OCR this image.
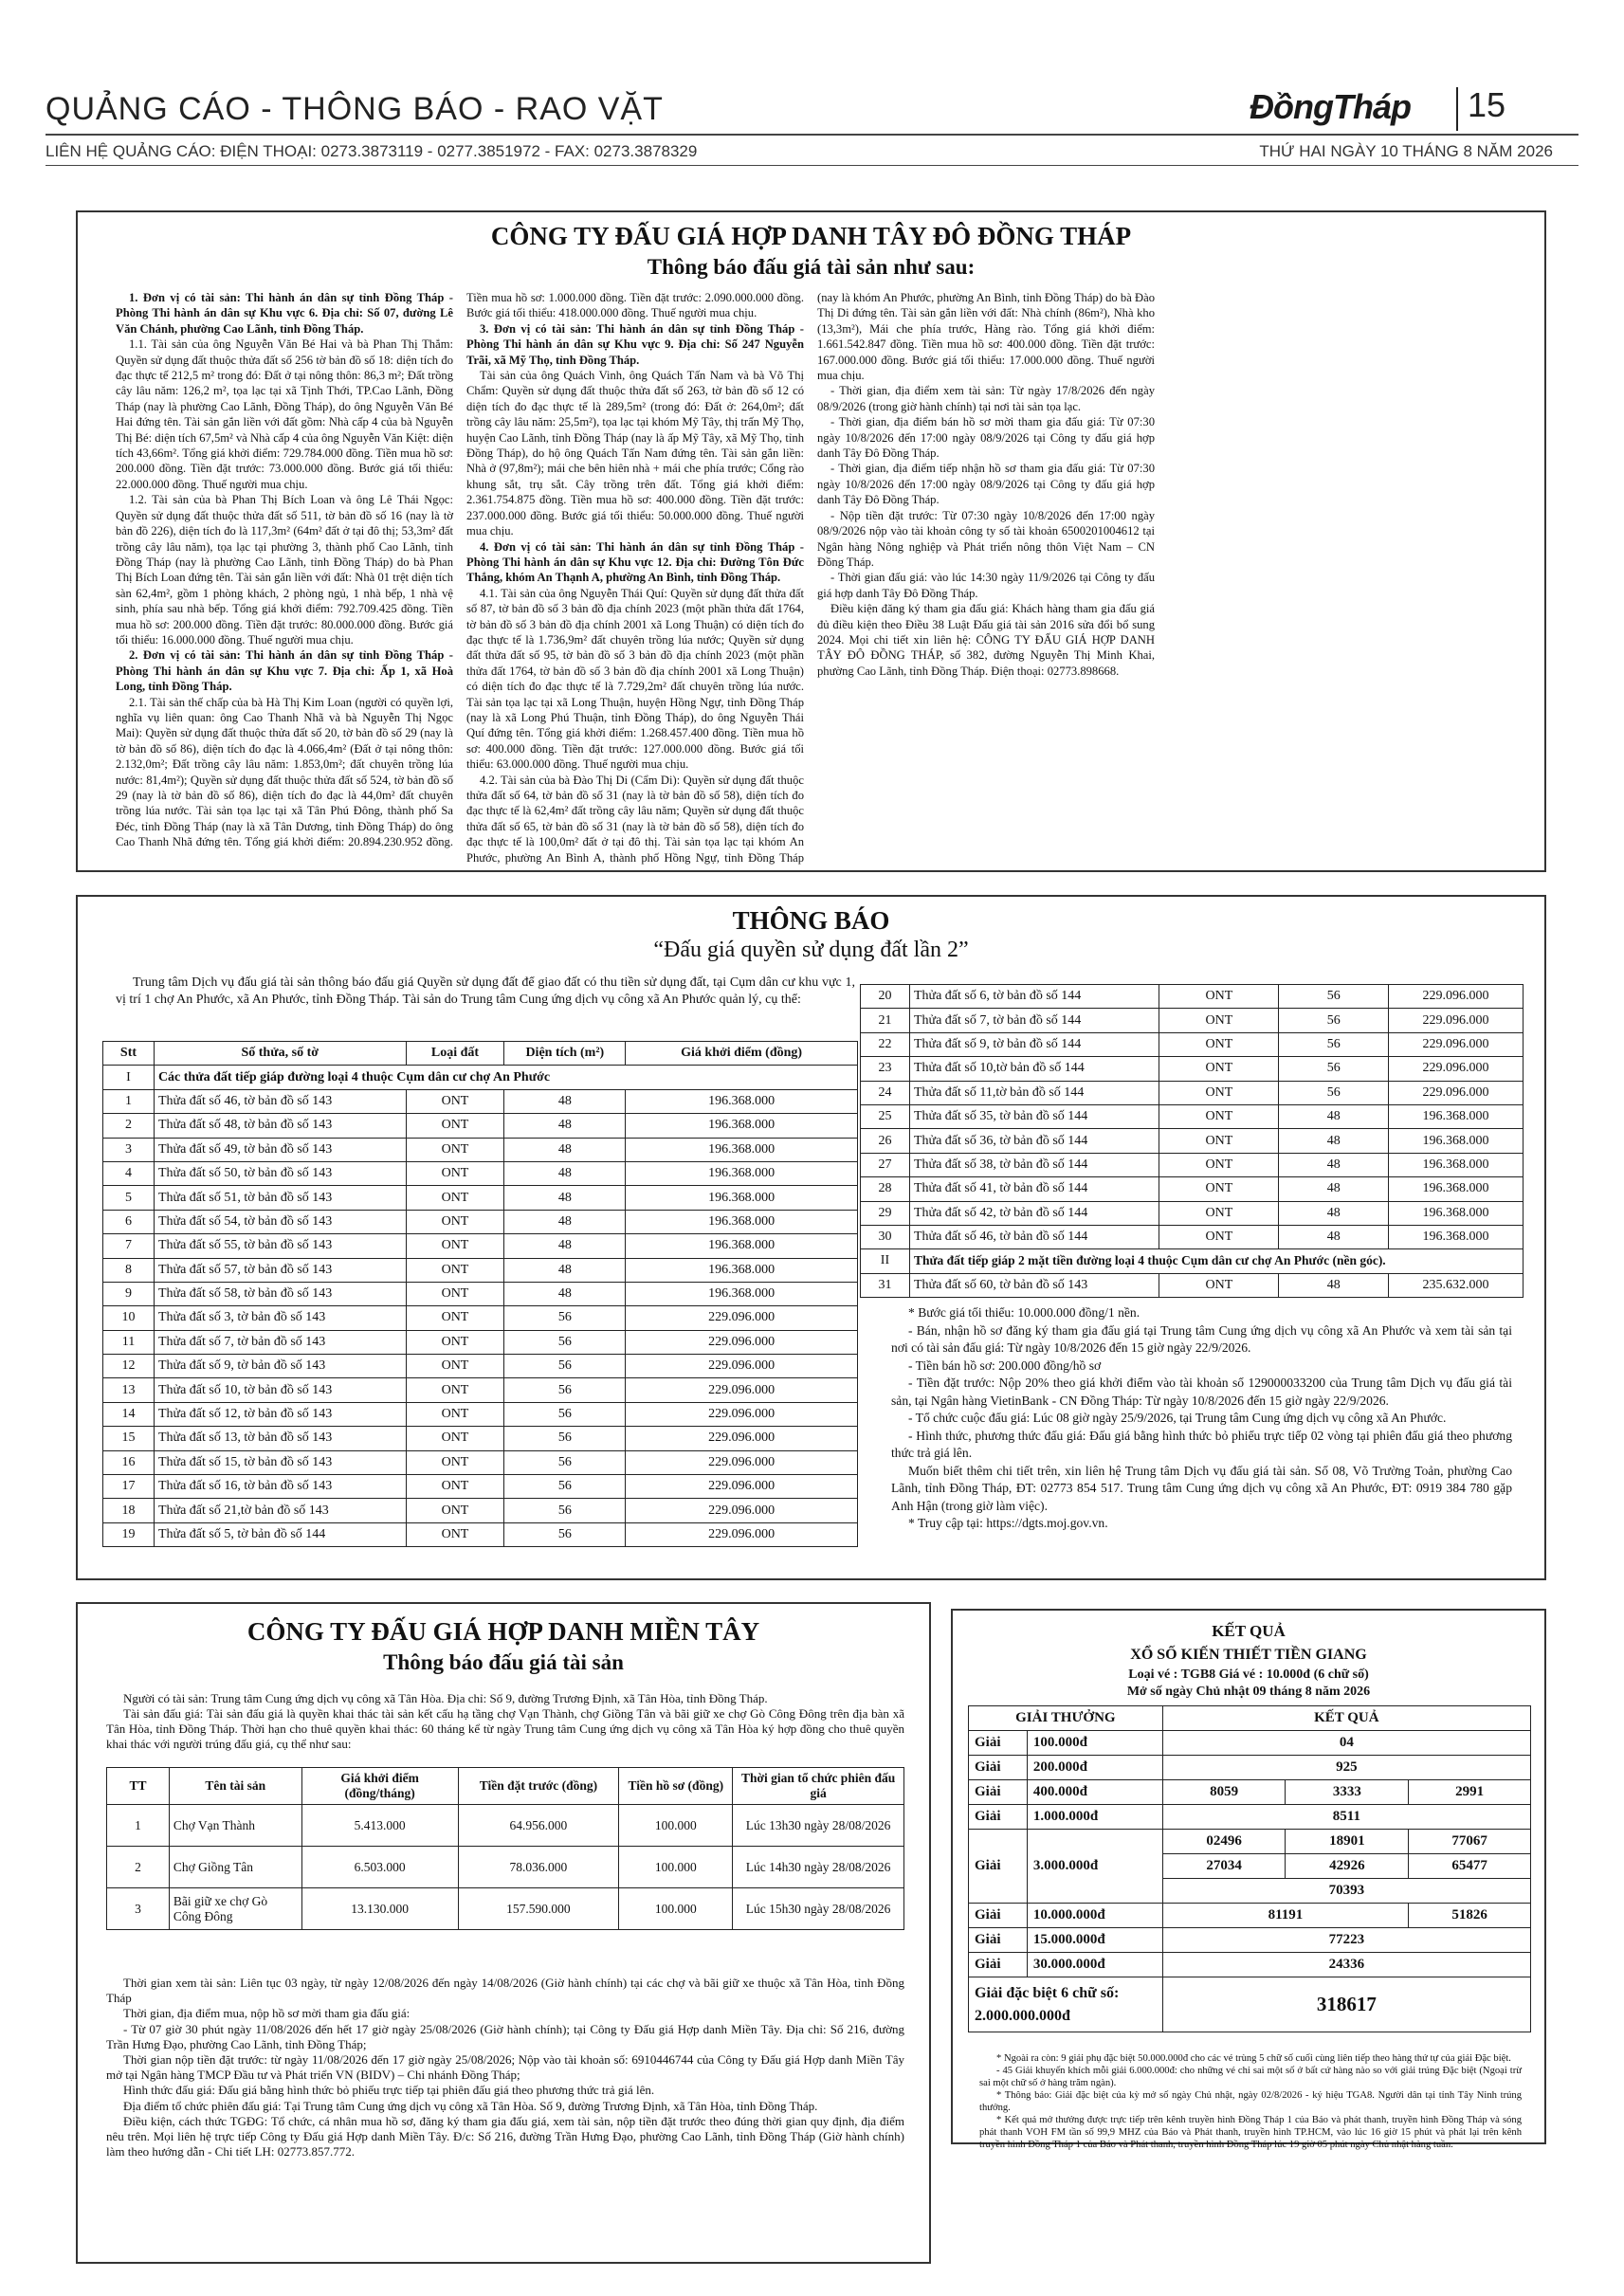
QUẢNG CÁO - THÔNG BÁO - RAO VẶT	ĐồngTháp 15
LIÊN HỆ QUẢNG CÁO: ĐIỆN THOẠI: 0273.3873119 - 0277.3851972 - FAX: 0273.3878329	THỨ HAI NGÀY 10 THÁNG 8 NĂM 2026
CÔNG TY ĐẤU GIÁ HỢP DANH TÂY ĐÔ ĐỒNG THÁP
Thông báo đấu giá tài sản như sau:

1. Đơn vị có tài sản: Thi hành án dân sự tỉnh Đồng Tháp - Phòng Thi hành án dân sự Khu vực 6. Địa chỉ: Số 07, đường Lê Văn Chánh, phường Cao Lãnh, tỉnh Đồng Tháp.

1.1. Tài sản của ông Nguyễn Văn Bé Hai và bà Phan Thị Thắm: Quyền sử dụng đất thuộc thửa đất số 256 tờ bản đồ số 18: diện tích đo đạc thực tế 212,5 m² trong đó: Đất ở tại nông thôn: 86,3 m²; Đất trồng cây lâu năm: 126,2 m², tọa lạc tại xã Tịnh Thới, TP.Cao Lãnh, Đồng Tháp (nay là phường Cao Lãnh, Đồng Tháp), do ông Nguyễn Văn Bé Hai đứng tên. Tài sản gắn liền với đất gồm: Nhà cấp 4 của bà Nguyễn Thị Bé: diện tích 67,5m² và Nhà cấp 4 của ông Nguyễn Văn Kiệt: diện tích 43,66m². Tổng giá khởi điểm: 729.784.000 đồng. Tiền mua hồ sơ: 200.000 đồng. Tiền đặt trước: 73.000.000 đồng. Bước giá tối thiểu: 22.000.000 đồng. Thuế người mua chịu.

1.2. Tài sản của bà Phan Thị Bích Loan và ông Lê Thái Ngọc: Quyền sử dụng đất thuộc thửa đất số 511, tờ bản đồ số 16 (nay là tờ bản đồ 226), diện tích đo là 117,3m² (64m² đất ở tại đô thị; 53,3m² đất trồng cây lâu năm), tọa lạc tại phường 3, thành phố Cao Lãnh, tỉnh Đồng Tháp (nay là phường Cao Lãnh, tỉnh Đồng Tháp) do bà Phan Thị Bích Loan đứng tên. Tài sản gắn liền với đất: Nhà 01 trệt diện tích sàn 62,4m², gồm 1 phòng khách, 2 phòng ngủ, 1 nhà bếp, 1 nhà vệ sinh, phía sau nhà bếp. Tổng giá khởi điểm: 792.709.425 đồng. Tiền mua hồ sơ: 200.000 đồng. Tiền đặt trước: 80.000.000 đồng. Bước giá tối thiểu: 16.000.000 đồng. Thuế người mua chịu.

2. Đơn vị có tài sản: Thi hành án dân sự tỉnh Đồng Tháp - Phòng Thi hành án dân sự Khu vực 7. Địa chỉ: Ấp 1, xã Hoà Long, tỉnh Đồng Tháp.

2.1. Tài sản thế chấp của bà Hà Thị Kim Loan (người có quyền lợi, nghĩa vụ liên quan: ông Cao Thanh Nhã và bà Nguyễn Thị Ngọc Mai): Quyền sử dụng đất thuộc thửa đất số 20, tờ bản đồ số 29 (nay là tờ bản đồ số 86), diện tích đo đạc là 4.066,4m² (Đất ở tại nông thôn: 2.132,0m²; Đất trồng cây lâu năm: 1.853,0m²; đất chuyên trồng lúa nước: 81,4m²); Quyền sử dụng đất thuộc thửa đất số 524, tờ bản đồ số 29 (nay là tờ bản đồ số 86), diện tích đo đạc là 44,0m² đất chuyên trồng lúa nước. Tài sản tọa lạc tại xã Tân Phú Đông, thành phố Sa Đéc, tỉnh Đồng Tháp (nay là xã Tân Dương, tỉnh Đồng Tháp) do ông Cao Thanh Nhã đứng tên. Tổng giá khởi điểm: 20.894.230.952 đồng. Tiền mua hồ sơ: 1.000.000 đồng. Tiền đặt trước: 2.090.000.000 đồng. Bước giá tối thiểu: 418.000.000 đồng. Thuế người mua chịu.

3. Đơn vị có tài sản: Thi hành án dân sự tỉnh Đồng Tháp - Phòng Thi hành án dân sự Khu vực 9. Địa chỉ: Số 247 Nguyễn Trãi, xã Mỹ Thọ, tỉnh Đồng Tháp.

Tài sản của ông Quách Vinh, ông Quách Tấn Nam và bà Võ Thị Chẩm: Quyền sử dụng đất thuộc thửa đất số 263, tờ bản đồ số 12 có diện tích đo đạc thực tế là 289,5m² (trong đó: Đất ở: 264,0m²; đất trồng cây lâu năm: 25,5m²), tọa lạc tại khóm Mỹ Tây, thị trấn Mỹ Thọ, huyện Cao Lãnh, tỉnh Đồng Tháp (nay là ấp Mỹ Tây, xã Mỹ Thọ, tỉnh Đồng Tháp), do hộ ông Quách Tấn Nam đứng tên. Tài sản gắn liền: Nhà ở (97,8m²); mái che bên hiên nhà + mái che phía trước; Cổng rào khung sắt, trụ sắt. Cây trồng trên đất. Tổng giá khởi điểm: 2.361.754.875 đồng. Tiền mua hồ sơ: 400.000 đồng. Tiền đặt trước: 237.000.000 đồng. Bước giá tối thiểu: 50.000.000 đồng. Thuế người mua chịu.

4. Đơn vị có tài sản: Thi hành án dân sự tỉnh Đồng Tháp - Phòng Thi hành án dân sự Khu vực 12. Địa chỉ: Đường Tôn Đức Thắng, khóm An Thạnh A, phường An Bình, tỉnh Đồng Tháp.

4.1. Tài sản của ông Nguyễn Thái Quí: Quyền sử dụng đất thửa đất số 87, tờ bản đồ số 3 bản đồ địa chính 2023 (một phần thửa đất 1764, tờ bản đồ số 3 bản đồ địa chính 2001 xã Long Thuận) có diện tích đo đạc thực tế là 1.736,9m² đất chuyên trồng lúa nước; Quyền sử dụng đất thửa đất số 95, tờ bản đồ số 3 bản đồ địa chính 2023 (một phần thửa đất 1764, tờ bản đồ số 3 bản đồ địa chính 2001 xã Long Thuận) có diện tích đo đạc thực tế là 7.729,2m² đất chuyên trồng lúa nước. Tài sản tọa lạc tại xã Long Thuận, huyện Hồng Ngự, tỉnh Đồng Tháp (nay là xã Long Phú Thuận, tỉnh Đồng Tháp), do ông Nguyễn Thái Quí đứng tên. Tổng giá khởi điểm: 1.268.457.400 đồng. Tiền mua hồ sơ: 400.000 đồng. Tiền đặt trước: 127.000.000 đồng. Bước giá tối thiểu: 63.000.000 đồng. Thuế người mua chịu.

4.2. Tài sản của bà Đào Thị Di (Cẩm Di): Quyền sử dụng đất thuộc thửa đất số 64, tờ bản đồ số 31 (nay là tờ bản đồ số 58), diện tích đo đạc thực tế là 62,4m² đất trồng cây lâu năm; Quyền sử dụng đất thuộc thửa đất số 65, tờ bản đồ số 31 (nay là tờ bản đồ số 58), diện tích đo đạc thực tế là 100,0m² đất ở tại đô thị. Tài sản tọa lạc tại khóm An Phước, phường An Bình A, thành phố Hồng Ngự, tỉnh Đồng Tháp (nay là khóm An Phước, phường An Bình, tỉnh Đồng Tháp) do bà Đào Thị Di đứng tên. Tài sản gắn liền với đất: Nhà chính (86m²), Nhà kho (13,3m²), Mái che phía trước, Hàng rào. Tổng giá khởi điểm: 1.661.542.847 đồng. Tiền mua hồ sơ: 400.000 đồng. Tiền đặt trước: 167.000.000 đồng. Bước giá tối thiểu: 17.000.000 đồng. Thuế người mua chịu.

- Thời gian, địa điểm xem tài sản: Từ ngày 17/8/2026 đến ngày 08/9/2026 (trong giờ hành chính) tại nơi tài sản tọa lạc.

- Thời gian, địa điểm bán hồ sơ mời tham gia đấu giá: Từ 07:30 ngày 10/8/2026 đến 17:00 ngày 08/9/2026 tại Công ty đấu giá hợp danh Tây Đô Đồng Tháp.

- Thời gian, địa điểm tiếp nhận hồ sơ tham gia đấu giá: Từ 07:30 ngày 10/8/2026 đến 17:00 ngày 08/9/2026 tại Công ty đấu giá hợp danh Tây Đô Đồng Tháp.

- Nộp tiền đặt trước: Từ 07:30 ngày 10/8/2026 đến 17:00 ngày 08/9/2026 nộp vào tài khoản công ty số tài khoản 6500201004612 tại Ngân hàng Nông nghiệp và Phát triển nông thôn Việt Nam – CN Đồng Tháp.

- Thời gian đấu giá: vào lúc 14:30 ngày 11/9/2026 tại Công ty đấu giá hợp danh Tây Đô Đồng Tháp.

Điều kiện đăng ký tham gia đấu giá: Khách hàng tham gia đấu giá đủ điều kiện theo Điều 38 Luật Đấu giá tài sản 2016 sửa đổi bổ sung 2024. Mọi chi tiết xin liên hệ: CÔNG TY ĐẤU GIÁ HỢP DANH TÂY ĐÔ ĐỒNG THÁP, số 382, đường Nguyễn Thị Minh Khai, phường Cao Lãnh, tỉnh Đồng Tháp. Điện thoại: 02773.898668.

THÔNG BÁO
“Đấu giá quyền sử dụng đất lần 2”

Trung tâm Dịch vụ đấu giá tài sản thông báo đấu giá Quyền sử dụng đất để giao đất có thu tiền sử dụng đất, tại Cụm dân cư khu vực 1, vị trí 1 chợ An Phước, xã An Phước, tỉnh Đồng Tháp. Tài sản do Trung tâm Cung ứng dịch vụ công xã An Phước quản lý, cụ thể:

Stt	Số thửa, số tờ	Loại đất	Diện tích (m²)	Giá khởi điểm (đồng)
I	Các thửa đất tiếp giáp đường loại 4 thuộc Cụm dân cư chợ An Phước			
1	Thửa đất số 46, tờ bản đồ số 143	ONT	48	196.368.000
2	Thửa đất số 48, tờ bản đồ số 143	ONT	48	196.368.000
3	Thửa đất số 49, tờ bản đồ số 143	ONT	48	196.368.000
4	Thửa đất số 50, tờ bản đồ số 143	ONT	48	196.368.000
5	Thửa đất số 51, tờ bản đồ số 143	ONT	48	196.368.000
6	Thửa đất số 54, tờ bản đồ số 143	ONT	48	196.368.000
7	Thửa đất số 55, tờ bản đồ số 143	ONT	48	196.368.000
8	Thửa đất số 57, tờ bản đồ số 143	ONT	48	196.368.000
9	Thửa đất số 58, tờ bản đồ số 143	ONT	48	196.368.000
10	Thửa đất số 3, tờ bản đồ số 143	ONT	56	229.096.000
11	Thửa đất số 7, tờ bản đồ số 143	ONT	56	229.096.000
12	Thửa đất số 9, tờ bản đồ số 143	ONT	56	229.096.000
13	Thửa đất số 10, tờ bản đồ số 143	ONT	56	229.096.000
14	Thửa đất số 12, tờ bản đồ số 143	ONT	56	229.096.000
15	Thửa đất số 13, tờ bản đồ số 143	ONT	56	229.096.000
16	Thửa đất số 15, tờ bản đồ số 143	ONT	56	229.096.000
17	Thửa đất số 16, tờ bản đồ số 143	ONT	56	229.096.000
18	Thửa đất số 21,tờ bản đồ số 143	ONT	56	229.096.000
19	Thửa đất số 5, tờ bản đồ số 144	ONT	56	229.096.000
20	Thửa đất số 6, tờ bản đồ số 144	ONT	56	229.096.000
21	Thửa đất số 7, tờ bản đồ số 144	ONT	56	229.096.000
22	Thửa đất số 9, tờ bản đồ số 144	ONT	56	229.096.000
23	Thửa đất số 10,tờ bản đồ số 144	ONT	56	229.096.000
24	Thửa đất số 11,tờ bản đồ số 144	ONT	56	229.096.000
25	Thửa đất số 35, tờ bản đồ số 144	ONT	48	196.368.000
26	Thửa đất số 36, tờ bản đồ số 144	ONT	48	196.368.000
27	Thửa đất số 38, tờ bản đồ số 144	ONT	48	196.368.000
28	Thửa đất số 41, tờ bản đồ số 144	ONT	48	196.368.000
29	Thửa đất số 42, tờ bản đồ số 144	ONT	48	196.368.000
30	Thửa đất số 46, tờ bản đồ số 144	ONT	48	196.368.000
II	Thửa đất tiếp giáp 2 mặt tiền đường loại 4 thuộc Cụm dân cư chợ An Phước (nền góc).			
31	Thửa đất số 60, tờ bản đồ số 143	ONT	48	235.632.000

* Bước giá tối thiểu: 10.000.000 đồng/1 nền.

- Bán, nhận hồ sơ đăng ký tham gia đấu giá tại Trung tâm Cung ứng dịch vụ công xã An Phước và xem tài sản tại nơi có tài sản đấu giá: Từ ngày 10/8/2026 đến 15 giờ ngày 22/9/2026.

- Tiền bán hồ sơ: 200.000 đồng/hồ sơ

- Tiền đặt trước: Nộp 20% theo giá khởi điểm vào tài khoản số 129000033200 của Trung tâm Dịch vụ đấu giá tài sản, tại Ngân hàng VietinBank - CN Đồng Tháp: Từ ngày 10/8/2026 đến 15 giờ ngày 22/9/2026.

- Tổ chức cuộc đấu giá: Lúc 08 giờ ngày 25/9/2026, tại Trung tâm Cung ứng dịch vụ công xã An Phước.

- Hình thức, phương thức đấu giá: Đấu giá bằng hình thức bỏ phiếu trực tiếp 02 vòng tại phiên đấu giá theo phương thức trả giá lên.

Muốn biết thêm chi tiết trên, xin liên hệ Trung tâm Dịch vụ đấu giá tài sản. Số 08, Võ Trường Toản, phường Cao Lãnh, tỉnh Đồng Tháp, ĐT: 02773 854 517. Trung tâm Cung ứng dịch vụ công xã An Phước, ĐT: 0919 384 780 gặp Anh Hận (trong giờ làm việc).

* Truy cập tại: https://dgts.moj.gov.vn.

CÔNG TY ĐẤU GIÁ HỢP DANH MIỀN TÂY
Thông báo đấu giá tài sản

Người có tài sản: Trung tâm Cung ứng dịch vụ công xã Tân Hòa. Địa chỉ: Số 9, đường Trương Định, xã Tân Hòa, tỉnh Đồng Tháp.

Tài sản đấu giá: Tài sản đấu giá là quyền khai thác tài sản kết cấu hạ tầng chợ Vạn Thành, chợ Giồng Tân và bãi giữ xe chợ Gò Công Đông trên địa bàn xã Tân Hòa, tỉnh Đồng Tháp. Thời hạn cho thuê quyền khai thác: 60 tháng kể từ ngày Trung tâm Cung ứng dịch vụ công xã Tân Hòa ký hợp đồng cho thuê quyền khai thác với người trúng đấu giá, cụ thể như sau:

TT	Tên tài sản	Giá khởi điểm (đồng/tháng)	Tiền đặt trước (đồng)	Tiền hồ sơ (đồng)	Thời gian tổ chức phiên đấu giá
1	Chợ Vạn Thành	5.413.000	64.956.000	100.000	Lúc 13h30 ngày 28/08/2026
2	Chợ Giồng Tân	6.503.000	78.036.000	100.000	Lúc 14h30 ngày 28/08/2026
3	Bãi giữ xe chợ Gò Công Đông	13.130.000	157.590.000	100.000	Lúc 15h30 ngày 28/08/2026

Thời gian xem tài sản: Liên tục 03 ngày, từ ngày 12/08/2026 đến ngày 14/08/2026 (Giờ hành chính) tại các chợ và bãi giữ xe thuộc xã Tân Hòa, tỉnh Đồng Tháp

Thời gian, địa điểm mua, nộp hồ sơ mời tham gia đấu giá:

- Từ 07 giờ 30 phút ngày 11/08/2026 đến hết 17 giờ ngày 25/08/2026 (Giờ hành chính); tại Công ty Đấu giá Hợp danh Miền Tây. Địa chỉ: Số 216, đường Trần Hưng Đạo, phường Cao Lãnh, tỉnh Đồng Tháp;

Thời gian nộp tiền đặt trước: từ ngày 11/08/2026 đến 17 giờ ngày 25/08/2026; Nộp vào tài khoản số: 6910446744 của Công ty Đấu giá Hợp danh Miền Tây mở tại Ngân hàng TMCP Đầu tư và Phát triển VN (BIDV) – Chi nhánh Đồng Tháp;

Hình thức đấu giá: Đấu giá bằng hình thức bỏ phiếu trực tiếp tại phiên đấu giá theo phương thức trả giá lên.

Địa điểm tổ chức phiên đấu giá: Tại Trung tâm Cung ứng dịch vụ công xã Tân Hòa. Số 9, đường Trương Định, xã Tân Hòa, tỉnh Đồng Tháp.

Điều kiện, cách thức TGĐG: Tổ chức, cá nhân mua hồ sơ, đăng ký tham gia đấu giá, xem tài sản, nộp tiền đặt trước theo đúng thời gian quy định, địa điểm nêu trên. Mọi liên hệ trực tiếp Công ty Đấu giá Hợp danh Miền Tây. Đ/c: Số 216, đường Trần Hưng Đạo, phường Cao Lãnh, tỉnh Đồng Tháp (Giờ hành chính) làm theo hướng dẫn - Chi tiết LH: 02773.857.772.

KẾT QUẢ
XỔ SỐ KIẾN THIẾT TIỀN GIANG
Loại vé : TGB8 Giá vé : 10.000đ (6 chữ số)
Mở số ngày Chủ nhật 09 tháng 8 năm 2026
GIẢI THƯỞNG		KẾT QUẢ		
Giải	100.000đ	04		
Giải	200.000đ	925		
Giải	400.000đ	8059	3333	2991
Giải	1.000.000đ	8511		
Giải	3.000.000đ	02496	18901	77067
		27034	42926	65477
		70393		
Giải	10.000.000đ	81191		51826
Giải	15.000.000đ	77223		
Giải	30.000.000đ	24336		

Giải đặc biệt 6 chữ số:
2.000.000.000đ		318617		

* Ngoài ra còn: 9 giải phụ đặc biệt 50.000.000đ cho các vé trùng 5 chữ số cuối cùng liên tiếp theo hàng thứ tự của giải Đặc biệt.

- 45 Giải khuyến khích mỗi giải 6.000.000đ: cho những vé chỉ sai một số ở bất cứ hàng nào so với giải trúng Đặc biệt (Ngoại trừ sai một chữ số ở hàng trăm ngàn).

* Thông báo: Giải đặc biệt của kỳ mở số ngày Chủ nhật, ngày 02/8/2026 - ký hiệu TGA8. Người dân tại tỉnh Tây Ninh trúng thưởng.

* Kết quả mở thưởng được trực tiếp trên kênh truyền hình Đồng Tháp 1 của Báo và phát thanh, truyền hình Đồng Tháp và sóng phát thanh VOH FM tần số 99,9 MHZ của Báo và Phát thanh, truyền hình TP.HCM, vào lúc 16 giờ 15 phút và phát lại trên kênh truyền hình Đồng Tháp 1 của Báo và Phát thanh, truyền hình Đồng Tháp lúc 19 giờ 05 phút ngày Chủ nhật hàng tuần.
